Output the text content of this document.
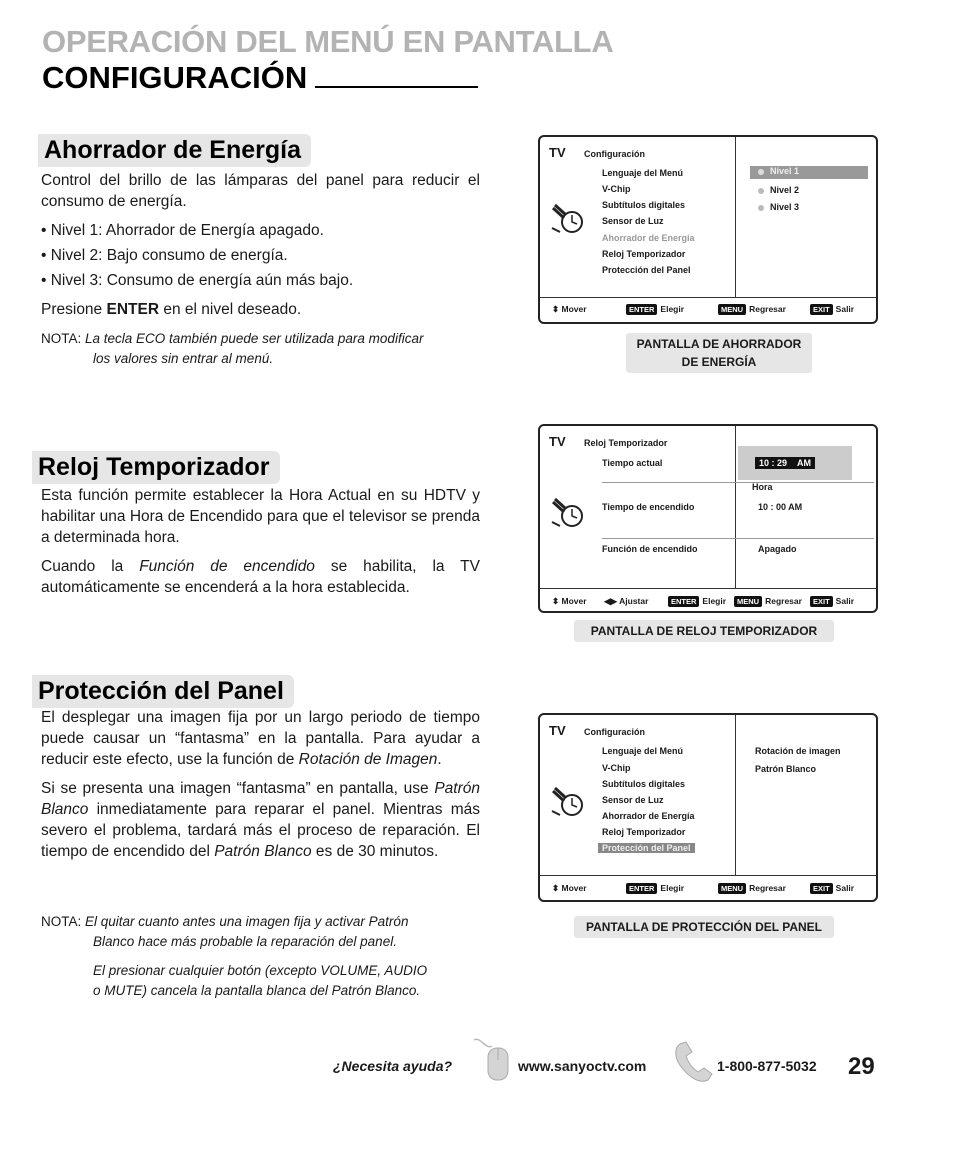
OPERACIÓN DEL MENÚ EN PANTALLA
CONFIGURACIÓN
Ahorrador de Energía

Control del brillo de las lámparas del panel para reducir el consumo de energía.

• Nivel 1: Ahorrador de Energía apagado.

• Nivel 2: Bajo consumo de energía.

• Nivel 3: Consumo de energía aún más bajo.

Presione ENTER en el nivel deseado.

NOTA: La tecla ECO también puede ser utilizada para modificar
los valores sin entrar al menú.
TV Configuración
Lenguaje del Menú
V-Chip
Subtítulos digitales
Sensor de Luz
Ahorrador de Energía
Reloj Temporizador
Protección del Panel
Nivel 1
Nivel 2
Nivel 3
⬍ Mover	ENTER Elegir	MENU Regresar	EXIT Salir
PANTALLA DE AHORRADOR
DE ENERGÍA
Reloj Temporizador

Esta función permite establecer la Hora Actual en su HDTV y habilitar una Hora de Encendido para que el televisor se prenda a determinada hora.

Cuando la Función de encendido se habilita, la TV automáticamente se encenderá a la hora establecida.

TV Reloj Temporizador
Tiempo actual	10 : 29 AM
Hora
Tiempo de encendido	10 : 00 AM
Función de encendido	Apagado
⬍ Mover ◀▶ Ajustar	ENTER Elegir	MENU Regresar	EXIT Salir
PANTALLA DE RELOJ TEMPORIZADOR
Protección del Panel

El desplegar una imagen fija por un largo periodo de tiempo puede causar un “fantasma” en la pantalla. Para ayudar a reducir este efecto, use la función de Rotación de Imagen.

Si se presenta una imagen “fantasma” en pantalla, use Patrón Blanco inmediatamente para reparar el panel. Mientras más severo el problema, tardará más el proceso de reparación. El tiempo de encendido del Patrón Blanco es de 30 minutos.

NOTA: El quitar cuanto antes una imagen fija y activar Patrón
Blanco hace más probable la reparación del panel.
El presionar cualquier botón (excepto VOLUME, AUDIO
o MUTE) cancela la pantalla blanca del Patrón Blanco.
TV Configuración
Lenguaje del Menú
V-Chip
Subtítulos digitales
Sensor de Luz
Ahorrador de Energía
Reloj Temporizador
Protección del Panel
Rotación de imagen
Patrón Blanco
⬍ Mover	ENTER Elegir	MENU Regresar	EXIT Salir
PANTALLA DE PROTECCIÓN DEL PANEL
¿Necesita ayuda?	www.sanyoctv.com	1-800-877-5032 29
